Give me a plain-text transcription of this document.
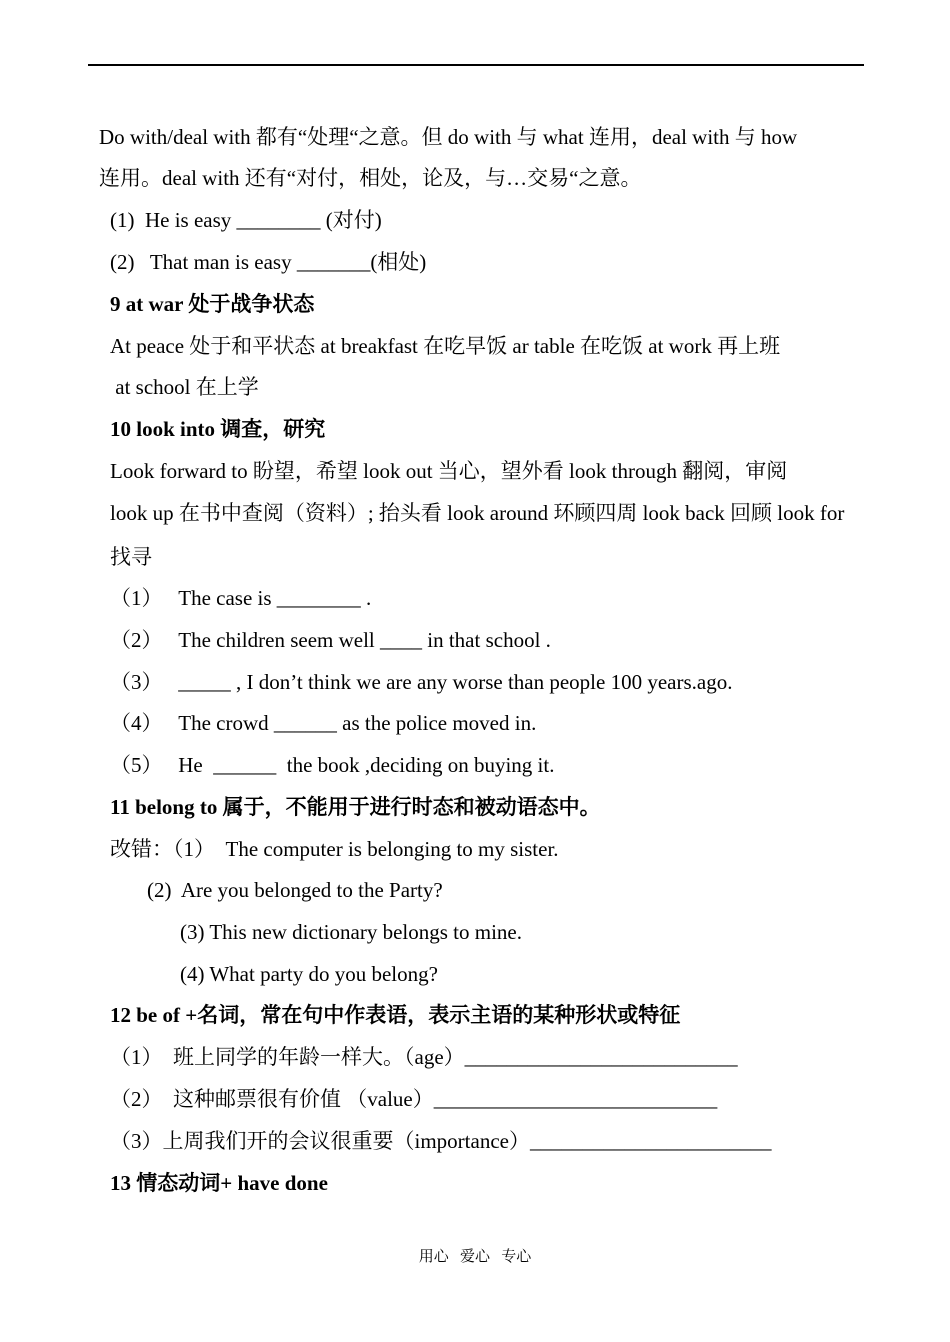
Do with/deal with 都有“处理“之意。但 do with 与 what 连用，deal with 与 how
连用。deal with 还有“对付，相处，论及，与…交易“之意。
(1)  He is easy ________ (对付)
(2)   That man is easy _______(相处)
9 at war 处于战争状态
At peace 处于和平状态 at breakfast 在吃早饭 ar table 在吃饭 at work 再上班
at school 在上学
10 look into 调查，研究
Look forward to 盼望，希望 look out 当心，望外看 look through 翻阅，审阅
look up 在书中查阅（资料）; 抬头看 look around 环顾四周 look back 回顾 look for
找寻
（1）   The case is ________ .
（2）   The children seem well ____ in that school .
（3）   _____ , I don’t think we are any worse than people 100 years.ago.
（4）   The crowd ______ as the police moved in.
（5）   He  ______  the book ,deciding on buying it.
11 belong to 属于，不能用于进行时态和被动语态中。
改错：（1）  The computer is belonging to my sister.
(2)  Are you belonged to the Party?
(3) This new dictionary belongs to mine.
(4) What party do you belong?
12 be of +名词，常在句中作表语，表示主语的某种形状或特征
（1）  班上同学的年龄一样大。（age）__________________________
（2）  这种邮票很有价值 （value）___________________________
（3）上周我们开的会议很重要（importance）_______________________
13 情态动词+ have done
用心   爱心   专心
